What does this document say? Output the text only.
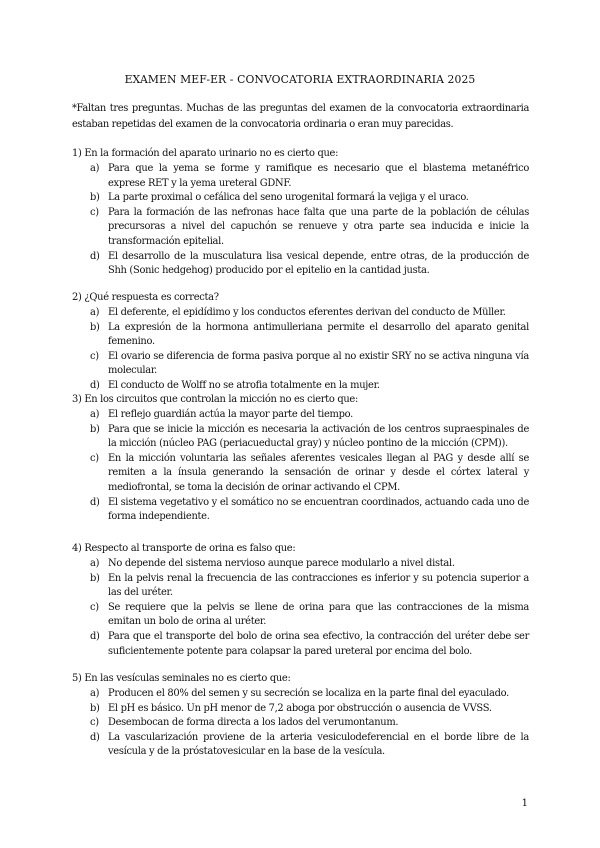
EXAMEN MEF-ER - CONVOCATORIA EXTRAORDINARIA 2025
*Faltan tres preguntas. Muchas de las preguntas del examen de la convocatoria extraordinaria estaban repetidas del examen de la convocatoria ordinaria o eran muy parecidas.
1) En la formación del aparato urinario no es cierto que:
a) Para que la yema se forme y ramifique es necesario que el blastema metanéfrico exprese RET y la yema ureteral GDNF.
b) La parte proximal o cefálica del seno urogenital formará la vejiga y el uraco.
c) Para la formación de las nefronas hace falta que una parte de la población de células precursoras a nivel del capuchón se renueve y otra parte sea inducida e inicie la transformación epitelial.
d) El desarrollo de la musculatura lisa vesical depende, entre otras, de la producción de Shh (Sonic hedgehog) producido por el epitelio en la cantidad justa.
2) ¿Qué respuesta es correcta?
a) El deferente, el epidídimo y los conductos eferentes derivan del conducto de Müller.
b) La expresión de la hormona antimulleriana permite el desarrollo del aparato genital femenino.
c) El ovario se diferencia de forma pasiva porque al no existir SRY no se activa ninguna vía molecular.
d) El conducto de Wolff no se atrofia totalmente en la mujer.
3) En los circuitos que controlan la micción no es cierto que:
a) El reflejo guardián actúa la mayor parte del tiempo.
b) Para que se inicie la micción es necesaria la activación de los centros supraespinales de la micción (núcleo PAG (periacueductal gray) y núcleo pontino de la micción (CPM)).
c) En la micción voluntaria las señales aferentes vesicales llegan al PAG y desde allí se remiten a la ínsula generando la sensación de orinar y desde el córtex lateral y mediofrontal, se toma la decisión de orinar activando el CPM.
d) El sistema vegetativo y el somático no se encuentran coordinados, actuando cada uno de forma independiente.
4) Respecto al transporte de orina es falso que:
a) No depende del sistema nervioso aunque parece modularlo a nivel distal.
b) En la pelvis renal la frecuencia de las contracciones es inferior y su potencia superior a las del uréter.
c) Se requiere que la pelvis se llene de orina para que las contracciones de la misma emitan un bolo de orina al uréter.
d) Para que el transporte del bolo de orina sea efectivo, la contracción del uréter debe ser suficientemente potente para colapsar la pared ureteral por encima del bolo.
5) En las vesículas seminales no es cierto que:
a) Producen el 80% del semen y su secreción se localiza en la parte final del eyaculado.
b) El pH es básico. Un pH menor de 7,2 aboga por obstrucción o ausencia de VVSS.
c) Desembocan de forma directa a los lados del verumontanum.
d) La vascularización proviene de la arteria vesiculodeferencial en el borde libre de la vesícula y de la próstatovesicular en la base de la vesícula.
1
